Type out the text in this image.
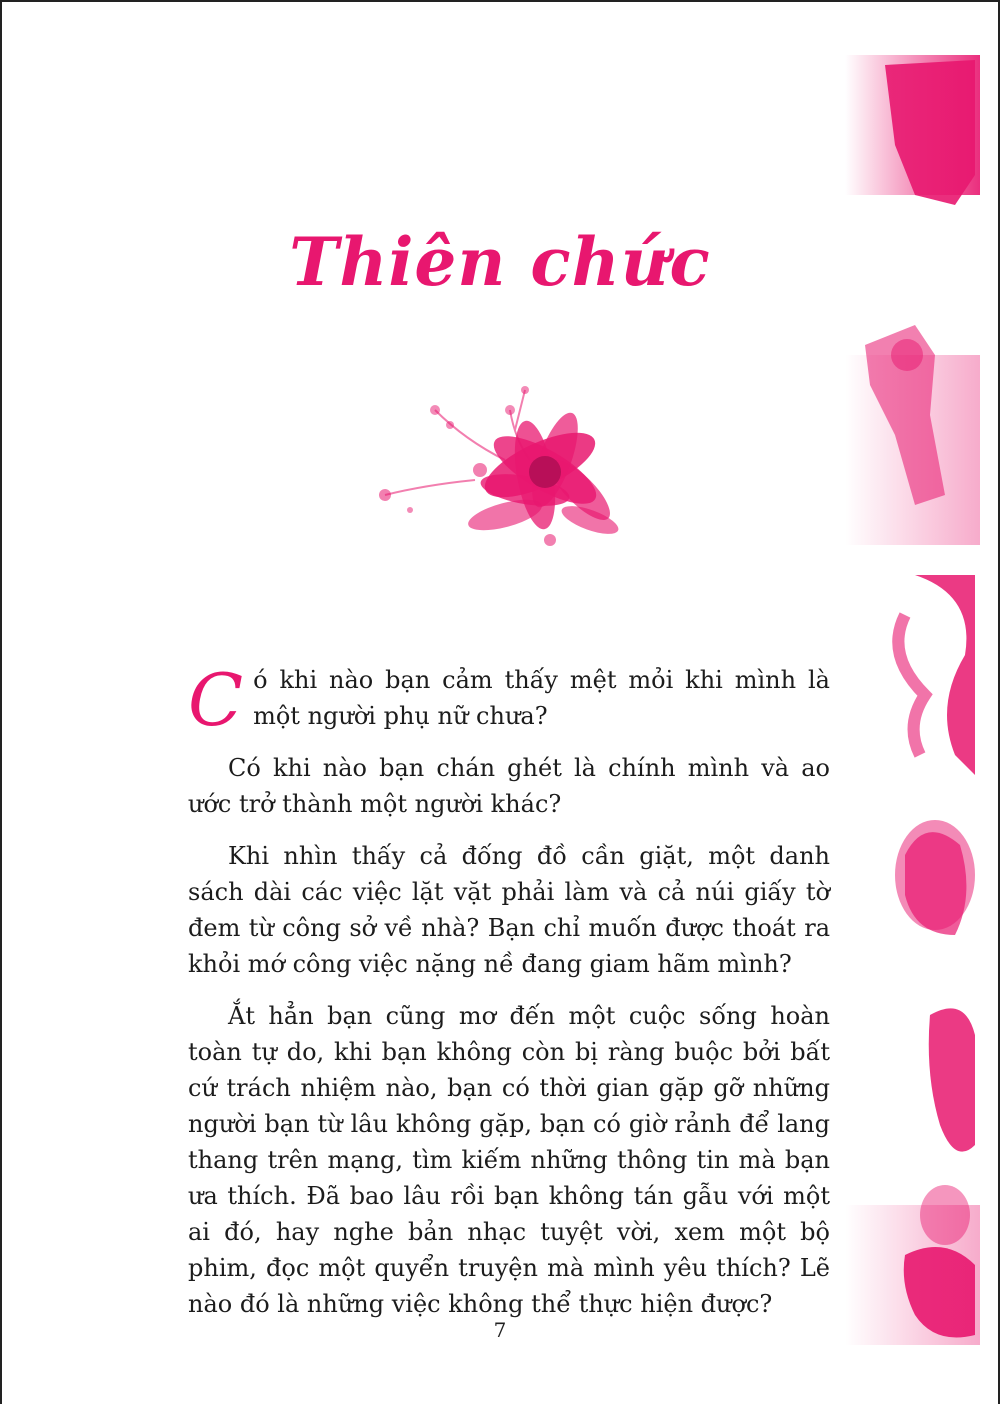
Thiên chức

Có khi nào bạn cảm thấy mệt mỏi khi mình là một người phụ nữ chưa?

Có khi nào bạn chán ghét là chính mình và ao ước trở thành một người khác?

Khi nhìn thấy cả đống đồ cần giặt, một danh sách dài các việc lặt vặt phải làm và cả núi giấy tờ đem từ công sở về nhà? Bạn chỉ muốn được thoát ra khỏi mớ công việc nặng nề đang giam hãm mình?

Ắt hẳn bạn cũng mơ đến một cuộc sống hoàn toàn tự do, khi bạn không còn bị ràng buộc bởi bất cứ trách nhiệm nào, bạn có thời gian gặp gỡ những người bạn từ lâu không gặp, bạn có giờ rảnh để lang thang trên mạng, tìm kiếm những thông tin mà bạn ưa thích. Đã bao lâu rồi bạn không tán gẫu với một ai đó, hay nghe bản nhạc tuyệt vời, xem một bộ phim, đọc một quyển truyện mà mình yêu thích? Lẽ nào đó là những việc không thể thực hiện được?

7
